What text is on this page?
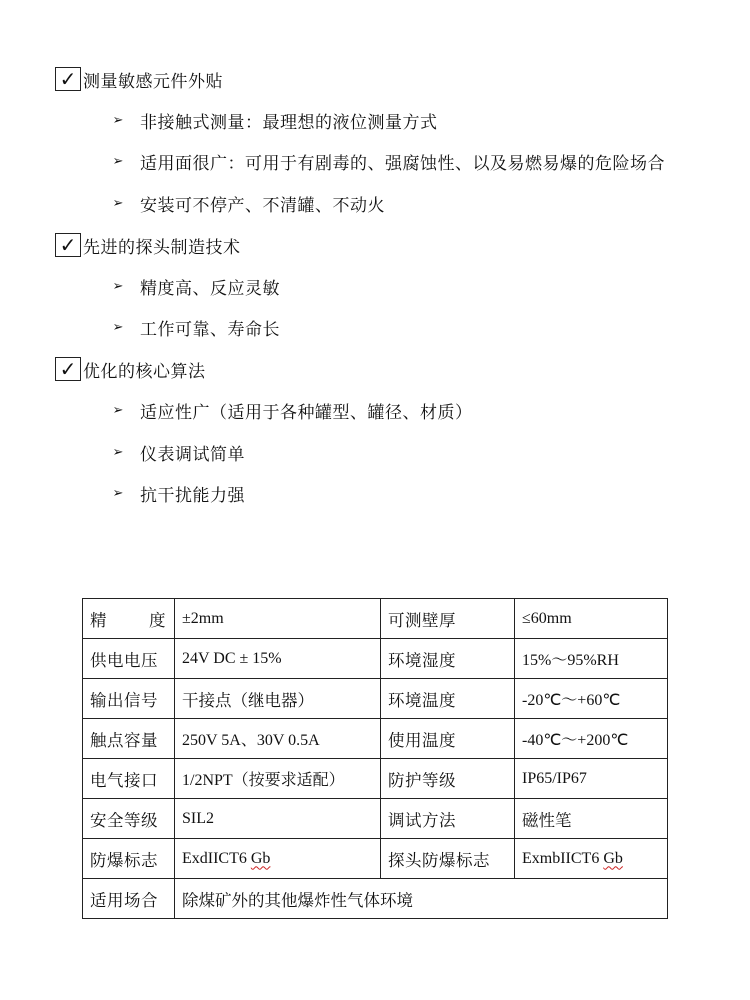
✓ 测量敏感元件外贴
➢ 非接触式测量：最理想的液位测量方式
➢ 适用面很广：可用于有剧毒的、强腐蚀性、以及易燃易爆的危险场合
➢ 安装可不停产、不清罐、不动火
✓ 先进的探头制造技术
➢ 精度高、反应灵敏
➢ 工作可靠、寿命长
✓ 优化的核心算法
➢ 适应性广（适用于各种罐型、罐径、材质）
➢ 仪表调试简单
➢ 抗干扰能力强
精 度	±2mm	可测壁厚	≤60mm
供电电压	24V DC ± 15%	环境湿度	15%～95%RH
输出信号	干接点（继电器）	环境温度	-20℃～+60℃
触点容量	250V 5A、30V 0.5A	使用温度	-40℃～+200℃
电气接口	1/2NPT（按要求适配）	防护等级	IP65/IP67
安全等级	SIL2	调试方法	磁性笔
防爆标志	ExdIICT6 Gb	探头防爆标志	ExmbIICT6 Gb
适用场合	除煤矿外的其他爆炸性气体环境		
